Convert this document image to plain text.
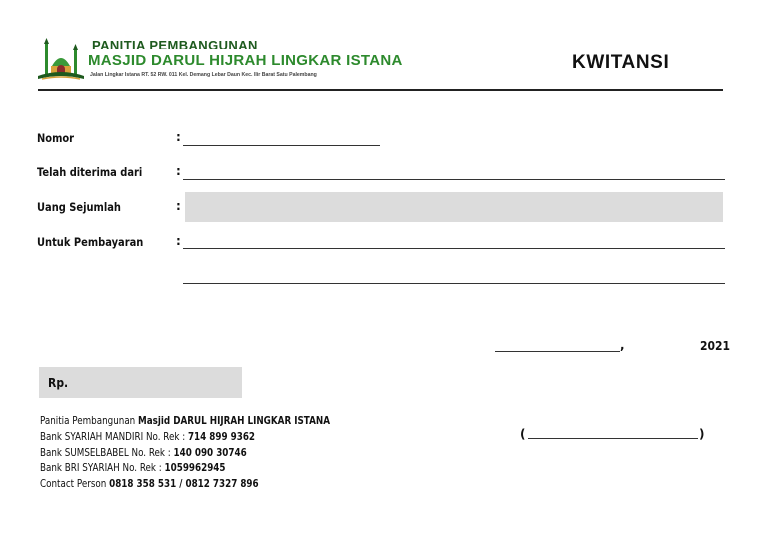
PANITIA PEMBANGUNAN
MASJID DARUL HIJRAH LINGKAR ISTANA
Jalan Lingkar Istana RT. 52 RW. 011 Kel. Demang Lebar Daun Kec. Ilir Barat Satu Palembang
KWITANSI
Nomor	:
Telah diterima dari	:
Uang Sejumlah	:
Untuk Pembayaran	:
,	2021
Rp.
Panitia Pembangunan Masjid DARUL HIJRAH LINGKAR ISTANA
Bank SYARIAH MANDIRI No. Rek : 714 899 9362
Bank SUMSELBABEL No. Rek : 140 090 30746
Bank BRI SYARIAH No. Rek : 1059962945
Contact Person 0818 358 531 / 0812 7327 896
(	)
